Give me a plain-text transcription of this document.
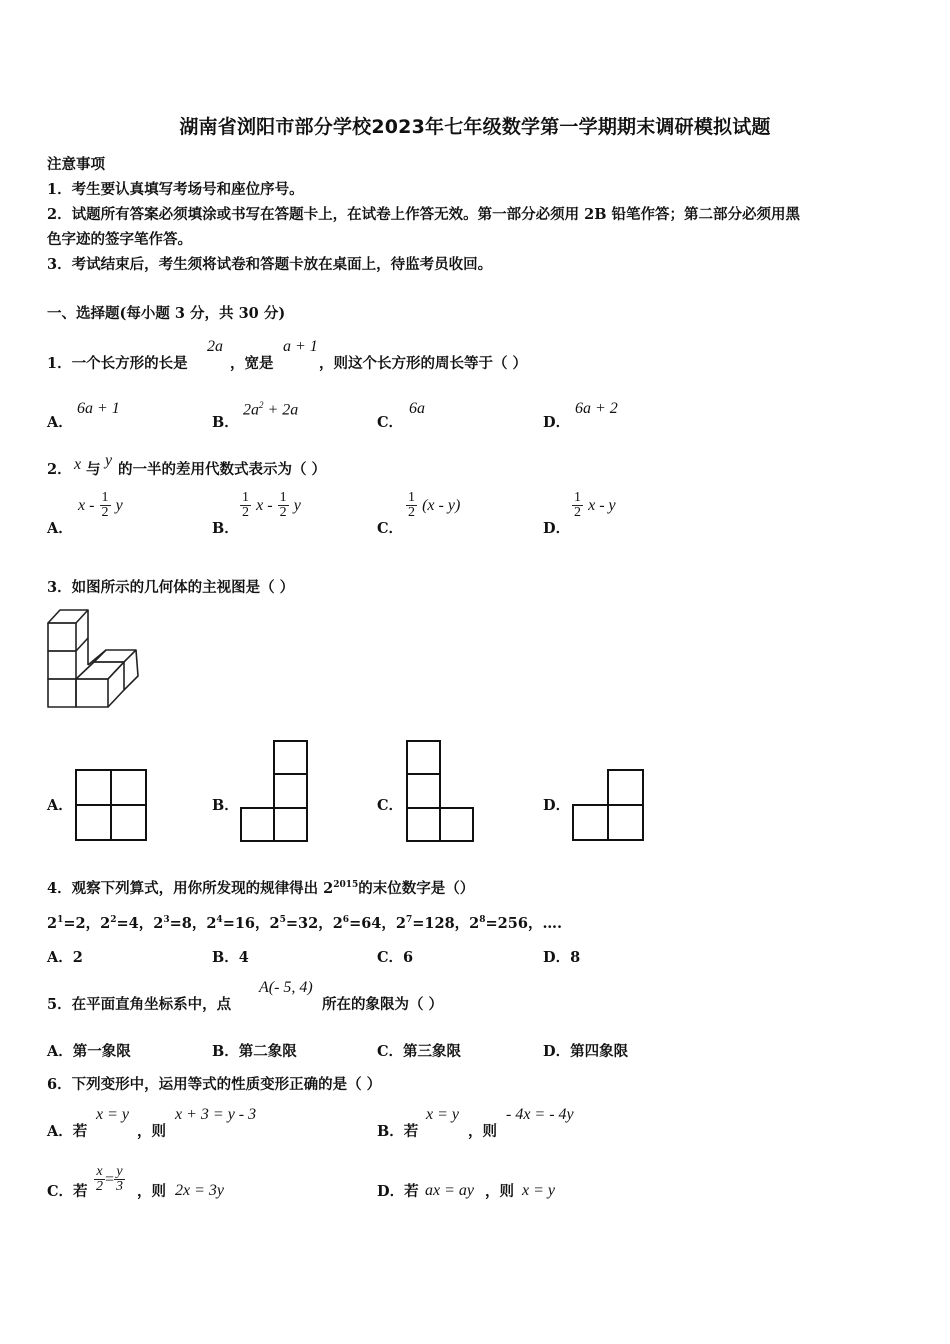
湖南省浏阳市部分学校2023年七年级数学第一学期期末调研模拟试题
注意事项
1．考生要认真填写考场号和座位序号。
2．试题所有答案必须填涂或书写在答题卡上，在试卷上作答无效。第一部分必须用 2B 铅笔作答；第二部分必须用黑
色字迹的签字笔作答。
3．考试结束后，考生须将试卷和答题卡放在桌面上，待监考员收回。
一、选择题(每小题 3 分，共 30 分)
1．一个长方形的长是
2a
，宽是
a + 1
，则这个长方形的周长等于（ ）
A．
6a + 1
B．
$2a^2 + 2a$
C．
6a
D．
6a + 2
2． x 与
y
的一半的差用代数式表示为（ ）
A．
x - $\frac{1}{2}$ y
B．
$\frac{1}{2}$ x - $\frac{1}{2}$ y
C．
$\frac{1}{2} (x - y)$
D．
$\frac{1}{2}$ x - y
3．如图所示的几何体的主视图是（ ）
A．	B．	C．	D．
4．观察下列算式，用你所发现的规律得出 $2^{2015}$的末位数字是（）
$2^1=2$，$2^2=4$，$2^3=8$，$2^4=16$，$2^5=32$，$2^6=64$，$2^7=128$，$2^8=256$，….
A．2	B．4	C．6	D．8
5．在平面直角坐标系中，点
A(- 5, 4)
所在的象限为（ ）
A．第一象限	B．第二象限	C．第三象限	D．第四象限
6．下列变形中，运用等式的性质变形正确的是（ ）
A．若
x = y
，则
x + 3 = y - 3
B．若
x = y
，则
- 4x = - 4y
C．若 $\frac{x}{2} = \frac{y}{3}$ ，则 2x = 3y	D．若 ax = ay ，则 x = y
